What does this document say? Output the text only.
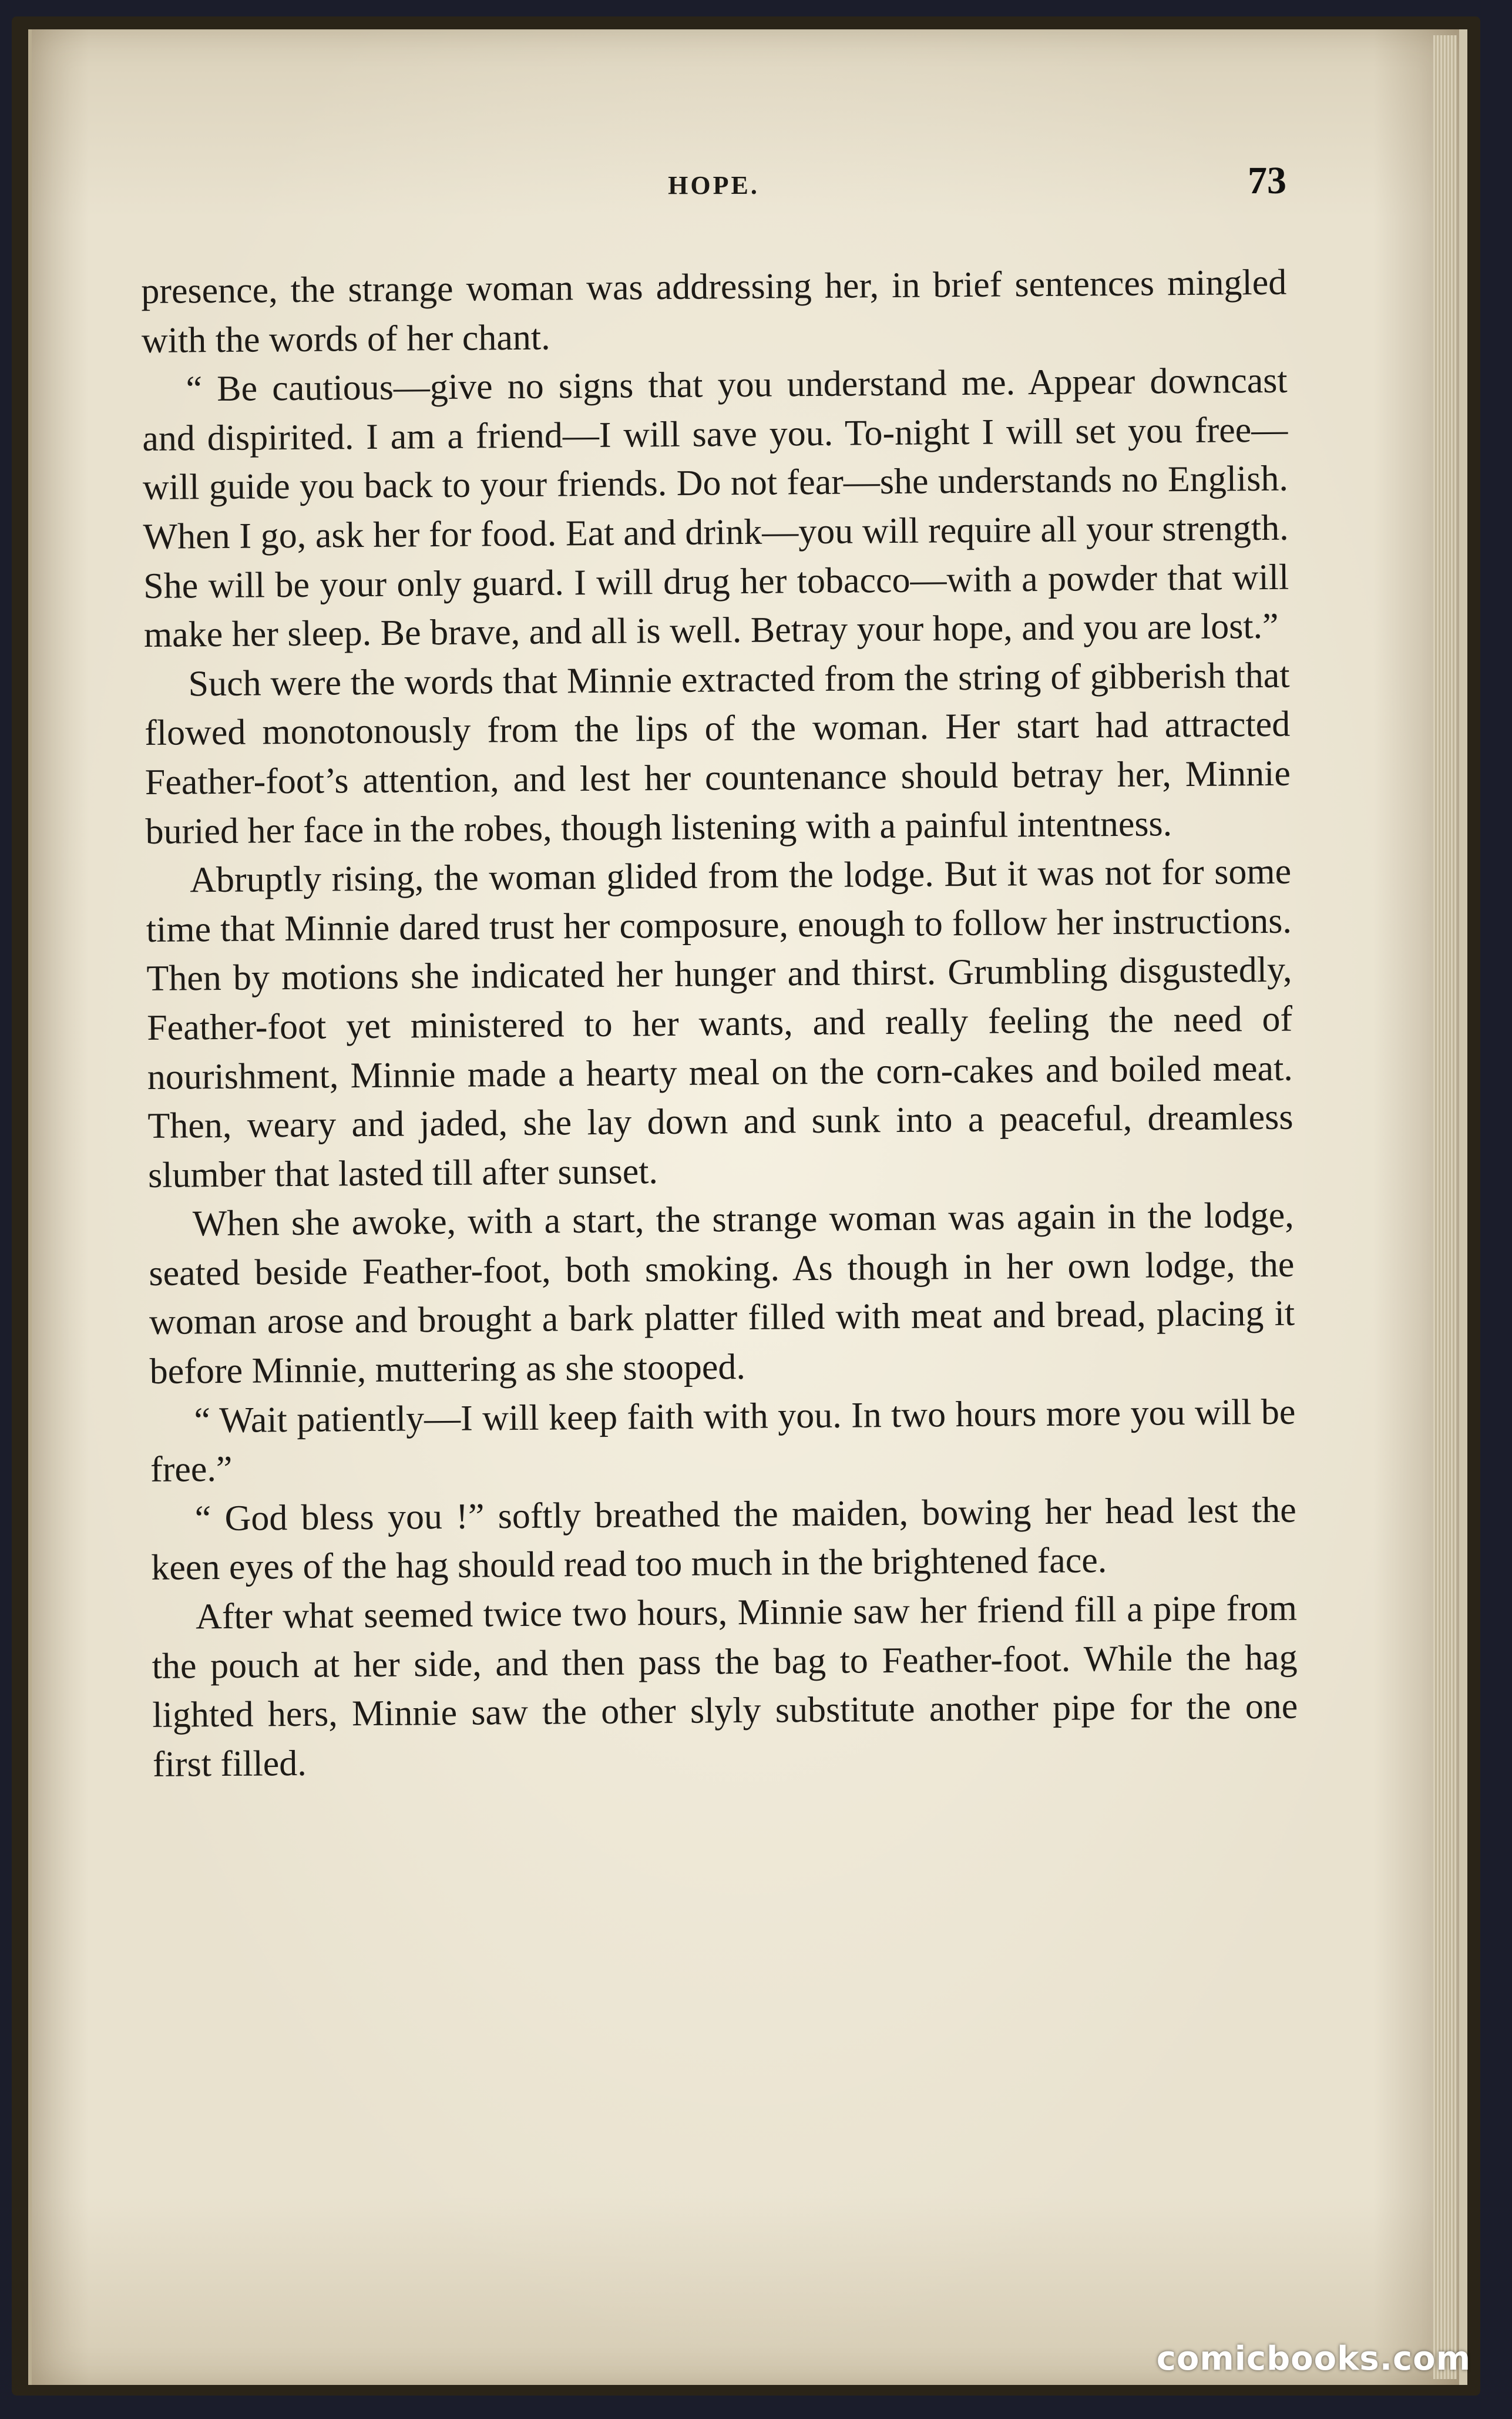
HOPE.	73

presence, the strange woman was addressing her, in brief sentences mingled with the words of her chant.

“ Be cautious—give no signs that you understand me. Appear downcast and dispirited. I am a friend—I will save you. To-night I will set you free—will guide you back to your friends. Do not fear—she understands no English. When I go, ask her for food. Eat and drink—you will require all your strength. She will be your only guard. I will drug her tobacco—with a powder that will make her sleep. Be brave, and all is well. Betray your hope, and you are lost.”

Such were the words that Minnie extracted from the string of gibberish that flowed monotonously from the lips of the woman. Her start had attracted Feather-foot’s attention, and lest her countenance should betray her, Minnie buried her face in the robes, though listening with a painful intentness.

Abruptly rising, the woman glided from the lodge. But it was not for some time that Minnie dared trust her composure, enough to follow her instructions. Then by motions she indicated her hunger and thirst. Grumbling disgustedly, Feather-foot yet ministered to her wants, and really feeling the need of nourishment, Minnie made a hearty meal on the corn-cakes and boiled meat. Then, weary and jaded, she lay down and sunk into a peaceful, dreamless slumber that lasted till after sunset.

When she awoke, with a start, the strange woman was again in the lodge, seated beside Feather-foot, both smoking. As though in her own lodge, the woman arose and brought a bark platter filled with meat and bread, placing it before Minnie, muttering as she stooped.

“ Wait patiently—I will keep faith with you. In two hours more you will be free.”

“ God bless you !” softly breathed the maiden, bowing her head lest the keen eyes of the hag should read too much in the brightened face.

After what seemed twice two hours, Minnie saw her friend fill a pipe from the pouch at her side, and then pass the bag to Feather-foot. While the hag lighted hers, Minnie saw the other slyly substitute another pipe for the one first filled.

comicbooks.com
